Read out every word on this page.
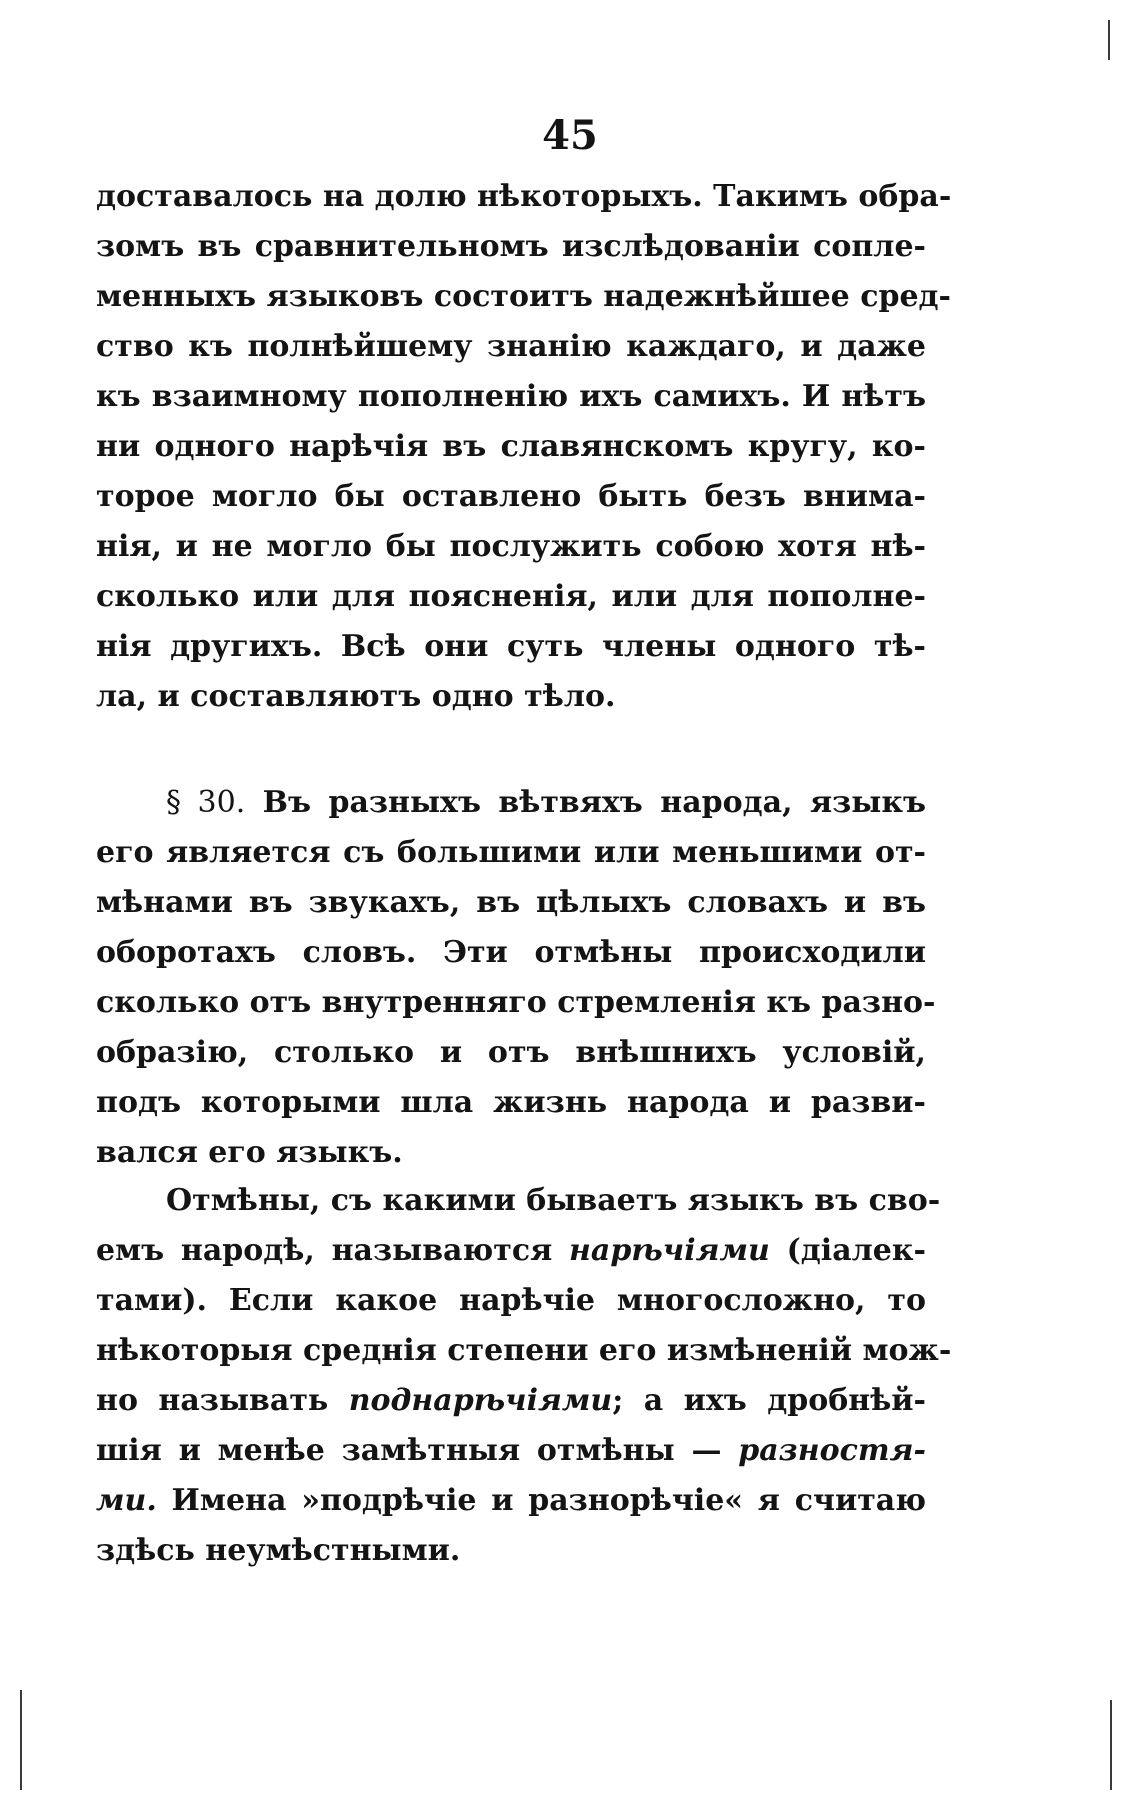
45
доставалось на долю нѣкоторыхъ. Такимъ обра-
зомъ въ сравнительномъ изслѣдованіи сопле-
менныхъ языковъ состоитъ надежнѣйшее сред-
ство къ полнѣйшему знанію каждаго, и даже
къ взаимному пополненію ихъ самихъ. И нѣтъ
ни одного нарѣчія въ славянскомъ кругу, ко-
торое могло бы оставлено быть безъ внима-
нія, и не могло бы послужить собою хотя нѣ-
сколько или для поясненія, или для пополне-
нія другихъ. Всѣ они суть члены одного тѣ-
ла, и составляютъ одно тѣло.
§ 30. Въ разныхъ вѣтвяхъ народа, языкъ
его является съ большими или меньшими от-
мѣнами въ звукахъ, въ цѣлыхъ словахъ и въ
оборотахъ словъ. Эти отмѣны происходили
сколько отъ внутренняго стремленія къ разно-
образію, столько и отъ внѣшнихъ условій,
подъ которыми шла жизнь народа и разви-
вался его языкъ.
Отмѣны, съ какими бываетъ языкъ въ сво-
емъ народѣ, называются нарѣчіями (діалек-
тами). Если какое нарѣчіе многосложно, то
нѣкоторыя среднія степени его измѣненій мож-
но называть поднарѣчіями; а ихъ дробнѣй-
шія и менѣе замѣтныя отмѣны — разностя-
ми. Имена »подрѣчіе и разнорѣчіе« я считаю
здѣсь неумѣстными.
